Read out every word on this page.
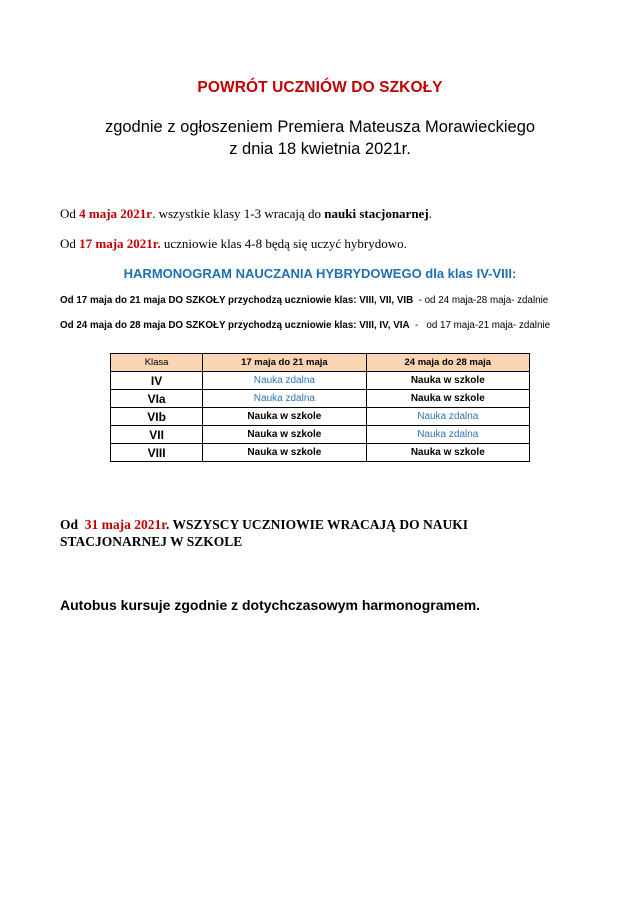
POWRÓT UCZNIÓW DO SZKOŁY
zgodnie z ogłoszeniem Premiera Mateusza Morawieckiego
z dnia 18 kwietnia 2021r.
Od 4 maja 2021r. wszystkie klasy 1-3 wracają do nauki stacjonarnej.
Od 17 maja 2021r. uczniowie klas 4-8 będą się uczyć hybrydowo.
HARMONOGRAM NAUCZANIA HYBRYDOWEGO dla klas IV-VIII:
Od 17 maja do 21 maja DO SZKOŁY przychodzą uczniowie klas: VIII, VII, VIB  - od 24 maja-28 maja- zdalnie
Od 24 maja do 28 maja DO SZKOŁY przychodzą uczniowie klas: VIII, IV, VIA  -   od 17 maja-21 maja- zdalnie
Klasa	17 maja do 21 maja	24 maja do 28 maja
IV	Nauka zdalna	Nauka w szkole
VIa	Nauka zdalna	Nauka w szkole
VIb	Nauka w szkole	Nauka zdalna
VII	Nauka w szkole	Nauka zdalna
VIII	Nauka w szkole	Nauka w szkole
Od  31 maja 2021r. WSZYSCY UCZNIOWIE WRACAJĄ DO NAUKI STACJONARNEJ W SZKOLE
Autobus kursuje zgodnie z dotychczasowym harmonogramem.
